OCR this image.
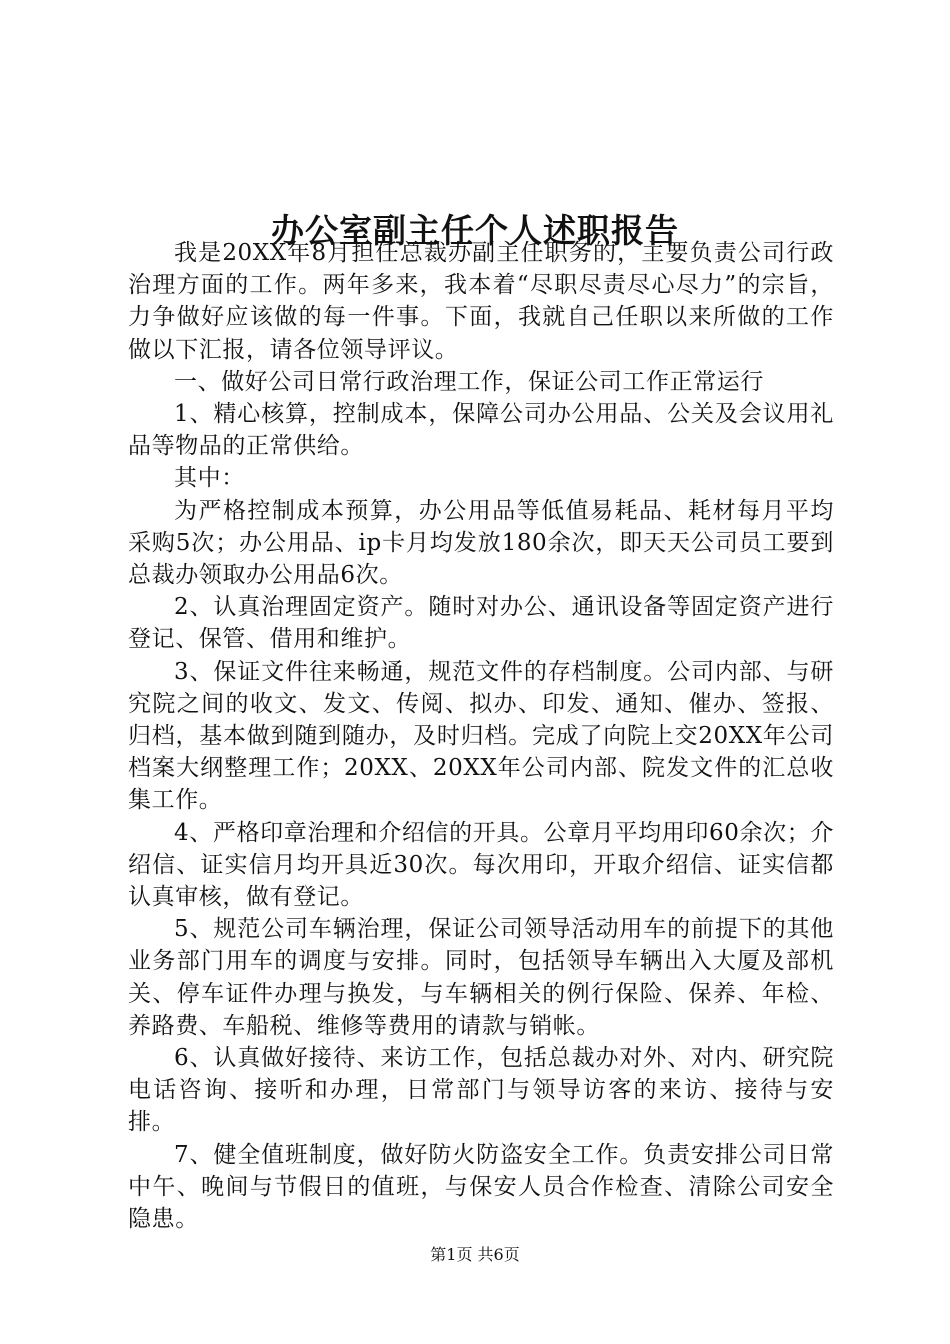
办公室副主任个人述职报告

我是20XX年8月担任总裁办副主任职务的，主要负责公司行政治理方面的工作。两年多来，我本着“尽职尽责尽心尽力”的宗旨，力争做好应该做的每一件事。下面，我就自己任职以来所做的工作做以下汇报，请各位领导评议。

一、做好公司日常行政治理工作，保证公司工作正常运行

1、精心核算，控制成本，保障公司办公用品、公关及会议用礼品等物品的正常供给。

其中：

为严格控制成本预算，办公用品等低值易耗品、耗材每月平均采购5次；办公用品、ip卡月均发放180余次，即天天公司员工要到总裁办领取办公用品6次。

2、认真治理固定资产。随时对办公、通讯设备等固定资产进行登记、保管、借用和维护。

3、保证文件往来畅通，规范文件的存档制度。公司内部、与研究院之间的收文、发文、传阅、拟办、印发、通知、催办、签报、归档，基本做到随到随办，及时归档。完成了向院上交20XX年公司档案大纲整理工作；20XX、20XX年公司内部、院发文件的汇总收集工作。

4、严格印章治理和介绍信的开具。公章月平均用印60余次；介绍信、证实信月均开具近30次。每次用印，开取介绍信、证实信都认真审核，做有登记。

5、规范公司车辆治理，保证公司领导活动用车的前提下的其他业务部门用车的调度与安排。同时，包括领导车辆出入大厦及部机关、停车证件办理与换发，与车辆相关的例行保险、保养、年检、养路费、车船税、维修等费用的请款与销帐。

6、认真做好接待、来访工作，包括总裁办对外、对内、研究院电话咨询、接听和办理，日常部门与领导访客的来访、接待与安排。

7、健全值班制度，做好防火防盗安全工作。负责安排公司日常中午、晚间与节假日的值班，与保安人员合作检查、清除公司安全隐患。

第1页 共6页
